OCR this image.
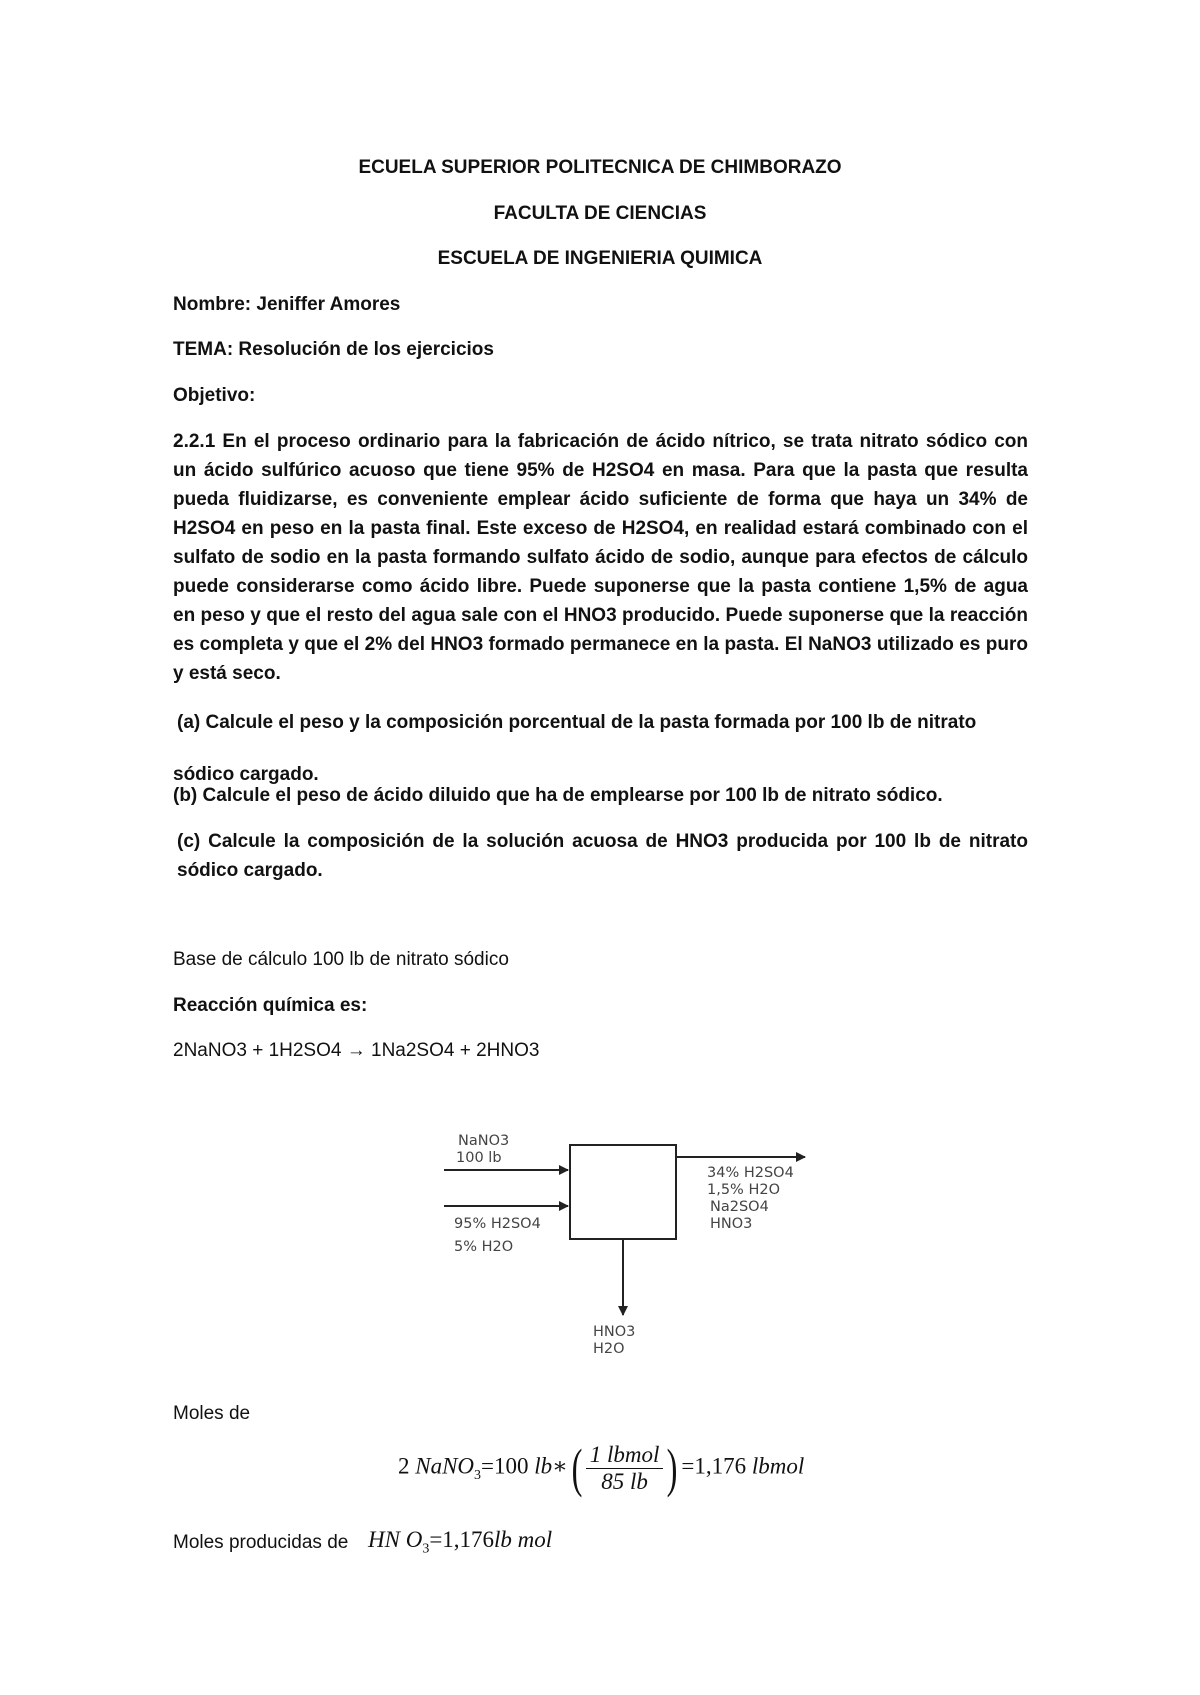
ECUELA SUPERIOR POLITECNICA DE CHIMBORAZO

FACULTA DE CIENCIAS

ESCUELA DE INGENIERIA QUIMICA

Nombre: Jeniffer Amores

TEMA: Resolución de los ejercicios

Objetivo:

2.2.1 En el proceso ordinario para la fabricación de ácido nítrico, se trata nitrato sódico con un ácido sulfúrico acuoso que tiene 95% de H2SO4 en masa. Para que la pasta que resulta pueda fluidizarse, es conveniente emplear ácido suficiente de forma que haya un 34% de H2SO4 en peso en la pasta final. Este exceso de H2SO4, en realidad estará combinado con el sulfato de sodio en la pasta formando sulfato ácido de sodio, aunque para efectos de cálculo puede considerarse como ácido libre. Puede suponerse que la pasta contiene 1,5% de agua en peso y que el resto del agua sale con el HNO3 producido. Puede suponerse que la reacción es completa y que el 2% del HNO3 formado permanece en la pasta. El NaNO3 utilizado es puro y está seco.

(a) Calcule el peso y la composición porcentual de la pasta formada por 100 lb de nitrato

sódico cargado.

(b) Calcule el peso de ácido diluido que ha de emplearse por 100 lb de nitrato sódico.

(c) Calcule la composición de la solución acuosa de HNO3 producida por 100 lb de nitrato sódico cargado.

Base de cálculo 100 lb de nitrato sódico

Reacción química es:

2NaNO3 + 1H2SO4 → 1Na2SO4 + 2HNO3

NaNO3
100 lb
95% H2SO4
5% H2O
34% H2SO4
1,5% H2O
Na2SO4
HNO3
HNO3
H2O

Moles de

2 NaNO$_3$=100 lb∗( $\frac{\text{1 lbmol}}{85 lb}$ ) =1,176 lbmol

Moles producidas de HN $O_3=1,176lb$ mol
